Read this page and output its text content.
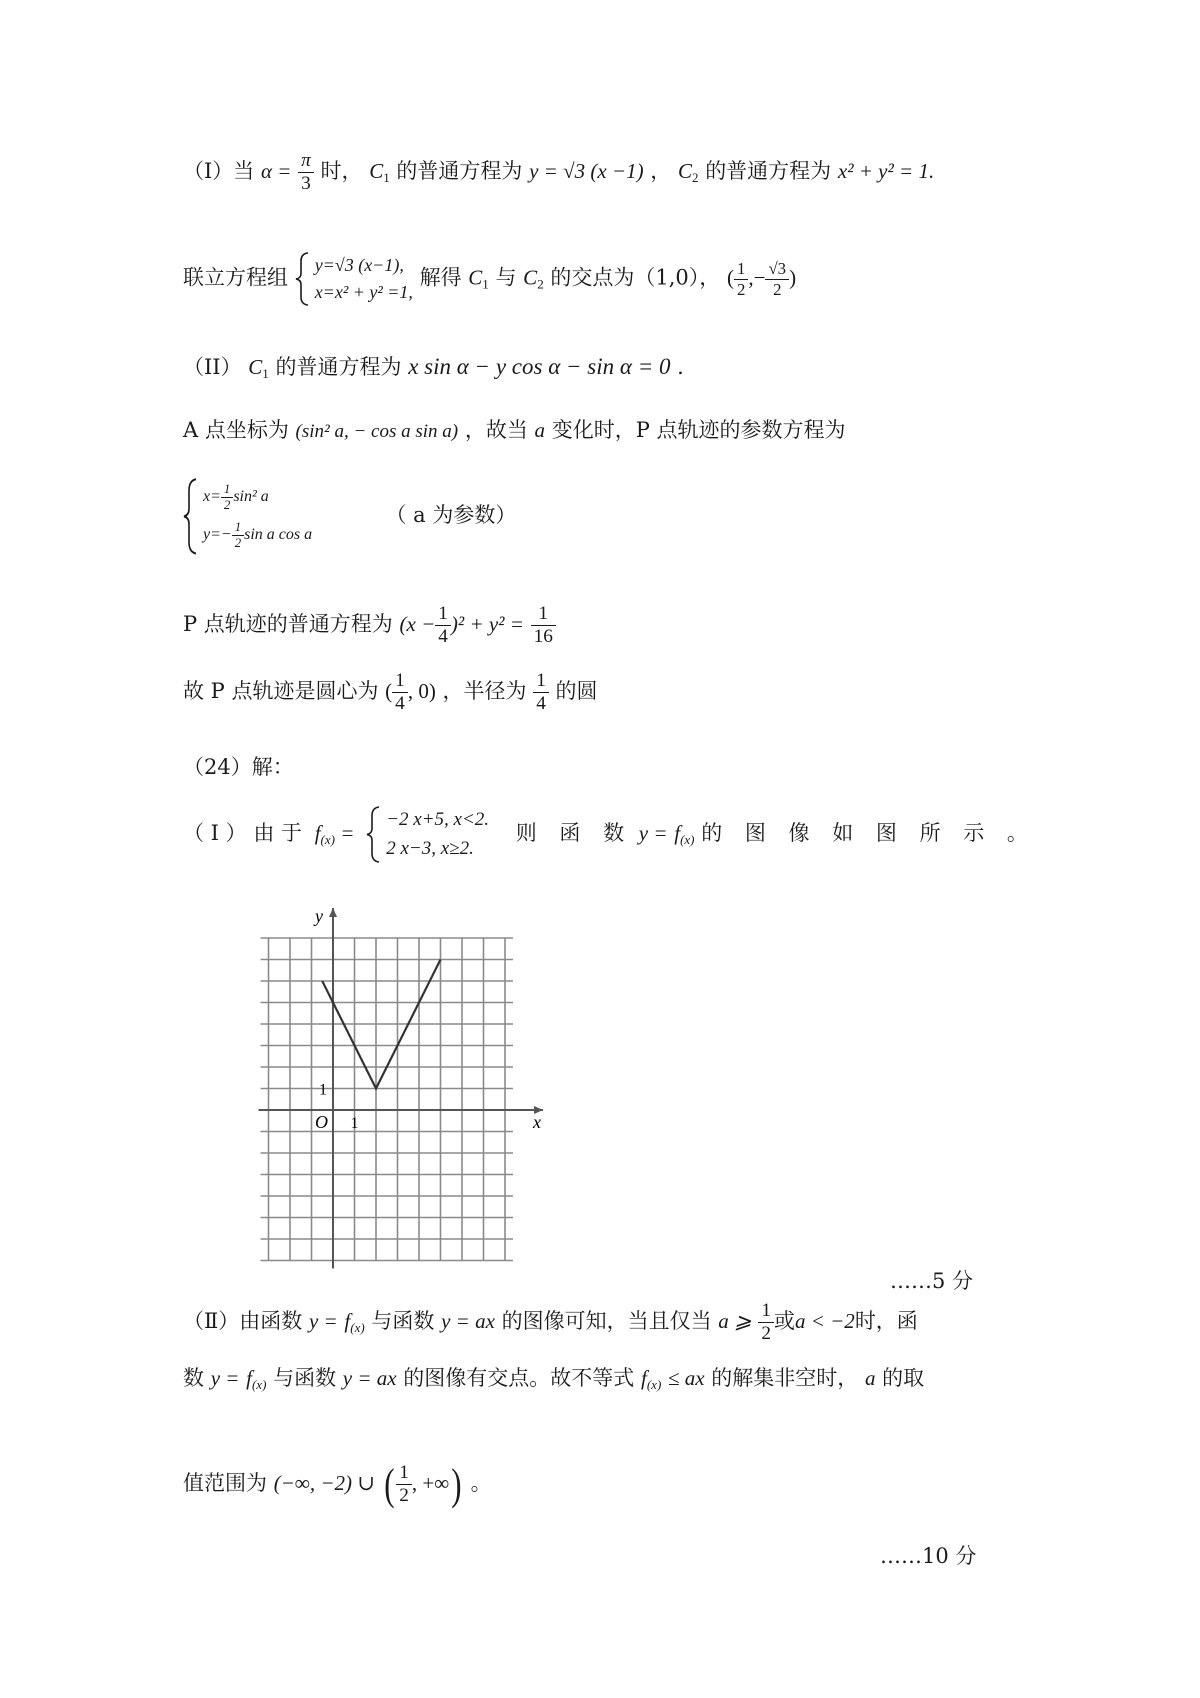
（I）当 $\alpha = \frac{\pi}{3}$ 时， $C_1$ 的普通方程为 y = √3 (x −1) ， $C_2$ 的普通方程为 x² + y² = 1.
联立方程组
y=√3 (x−1),
x=x² + y² =1,
解得 $C_1$ 与 $C_2$ 的交点为（1,0）， ( $\frac{1}{2}$ ,− $\frac{√3}{2}$ )
（II） $C_1$ 的普通方程为 x sin α − y cos α − sin α = 0 .
A 点坐标为 (sin² a, − cos a sin a) ，故当 a 变化时，P 点轨迹的参数方程为
$x= \frac{1}{2} \sin^2$ a
$y=- \frac{1}{2}$ sin a cos a
（ a 为参数）
P 点轨迹的普通方程为 $(x - \frac{1}{4} )^2 + y^2 = \frac{1}{16}$
故 P 点轨迹是圆心为 ( $\frac{1}{4}$ , 0) ，半径为 $\frac{1}{4}$ 的圆
（24）解：
（ Ⅰ ） 由 于 $f_{(x)}$ =
−2 x+5, x<2.
2 x−3, x≥2.
则 函 数 $y = f_{(x)}$ 的 图 像 如 图 所 示 。
y
x
O 1
1
……5 分
（Ⅱ）由函数 $y = f_{(x)}$ 与函数 y = ax 的图像可知，当且仅当 a ⩾ $\frac{1}{2}$ 或a < −2时，函
数 $y = f_{(x)}$ 与函数 y = ax 的图像有交点。故不等式 $f_{(x)}$ ≤ ax 的解集非空时， a 的取
值范围为 (−∞, −2) ∪ ( $\frac{1}{2}$ , +∞) 。
……10 分
